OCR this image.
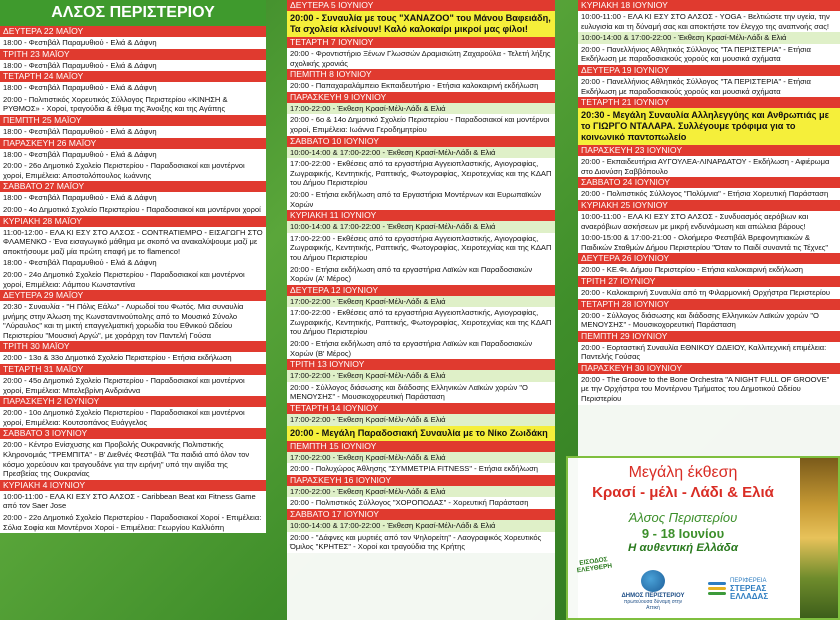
ΑΛΣΟΣ ΠΕΡΙΣΤΕΡΙΟΥ
ΔΕΥΤΕΡΑ 22 ΜΑΪΟΥ
18:00 - Φεστιβάλ Παραμυθιού - Ελιά & Δάφνη
ΤΡΙΤΗ 23 ΜΑΪΟΥ
18:00 - Φεστιβάλ Παραμυθιού - Ελιά & Δάφνη
ΤΕΤΑΡΤΗ 24 ΜΑΪΟΥ
18:00 - Φεστιβάλ Παραμυθιού - Ελιά & Δάφνη
20:00 - Πολιτιστικός Χορευτικός Σύλλογος Περιστερίου «ΚΙΝΗΣΗ & ΡΥΘΜΟΣ» - Χοροί, τραγούδια & έθιμα της Άνοιξης και της Αγάπης
ΠΕΜΠΤΗ 25 ΜΑΪΟΥ
18:00 - Φεστιβάλ Παραμυθιού - Ελιά & Δάφνη
ΠΑΡΑΣΚΕΥΗ 26 ΜΑΪΟΥ
18:00 - Φεστιβάλ Παραμυθιού - Ελιά & Δάφνη
20:00 - 26ο Δημοτικό Σχολείο Περιστερίου - Παραδοσιακοί και μοντέρνοι χοροί, Επιμέλεια: Αποστολόπουλος Ιωάννης
ΣΑΒΒΑΤΟ 27 ΜΑΪΟΥ
18:00 - Φεστιβάλ Παραμυθιού - Ελιά & Δάφνη
20:00 - 4ο Δημοτικό Σχολείο Περιστερίου - Παραδοσιακοί και μοντέρνοι χοροί
ΚΥΡΙΑΚΗ 28 ΜΑΪΟΥ
11:00-12:00 - ΕΛΑ ΚΙ ΕΣΥ ΣΤΟ ΑΛΣΟΣ - CONTRATIEMPO - ΕΙΣΑΓΩΓΗ ΣΤΟ ΦΛΑΜΕΝΚΟ - Ένα εισαγωγικό μάθημα με σκοπό να ανακαλύψουμε μαζί με αποκτήσουμε μαζί μία πρώτη επαφή με το flamenco!
18:00 - Φεστιβάλ Παραμυθιού - Ελιά & Δάφνη
20:00 - 24ο Δημοτικό Σχολείο Περιστερίου - Παραδοσιακοί και μοντέρνοι χοροί, Επιμέλεια: Λάμπου Κωνσταντίνα
ΔΕΥΤΕΡΑ 29 ΜΑΪΟΥ
20:30 - Συναυλία - "Η Πόλις Εάλω" - Λυρωδοί του Φωτός. Μια συναυλία μνήμης στην Άλωση της Κωνσταντινούπολης από το Μουσικό Σύνολο "Λύραυλος" και τη μικτή επαγγελματική χορωδία του Εθνικού Ωδείου Περιστερίου "Μουσική Αργώ", με χοράρχη τον Παντελή Γούσα
ΤΡΙΤΗ 30 ΜΑΪΟΥ
20:00 - 13ο & 33ο Δημοτικό Σχολείο Περιστερίου - Ετήσια εκδήλωση
ΤΕΤΑΡΤΗ 31 ΜΑΪΟΥ
20:00 - 45ο Δημοτικό Σχολείο Περιστερίου - Παραδοσιακοί και μοντέρνοι χοροί, Επιμέλεια: Μπελεβρίνη Ανδριάννα
ΠΑΡΑΣΚΕΥΗ 2 ΙΟΥΝΙΟΥ
20:00 - 10ο Δημοτικό Σχολείο Περιστερίου - Παραδοσιακοί και μοντέρνοι χοροί, Επιμέλεια: Κουτσοπάνος Ευάγγελος
ΣΑΒΒΑΤΟ 3 ΙΟΥΝΙΟΥ
20:00 - Κέντρο Ενίσχυσης και Προβολής Ουκρανικής Πολιτιστικής Κληρονομιάς "ΤΡΕΜΠΙΤΑ" - Β' Διεθνές Φεστιβάλ "Τα παιδιά από όλον τον κόσμο χορεύουν και τραγουδάνε για την ειρήνη" υπό την αιγίδα της Πρεσβείας της Ουκρανίας
ΚΥΡΙΑΚΗ 4 ΙΟΥΝΙΟΥ
10:00-11:00 - ΕΛΑ ΚΙ ΕΣΥ ΣΤΟ ΑΛΣΟΣ - Caribbean Beat και Fitness Game από τον Saer Jose
20:00 - 22ο Δημοτικό Σχολείο Περιστερίου - Παραδοσιακοί Χοροί - Επιμέλεια: Σόλια Σοφία και Μοντέρνοι Χοροί - Επιμέλεια: Γεωργίου Καλλιόπη
ΔΕΥΤΕΡΑ 5 ΙΟΥΝΙΟΥ
20:00 - Συναυλία με τους "ΧΑΝΑΖΟΟ" του Μάνου Βαφειάδη, Τα σχολεία κλείνουν! Καλό καλοκαίρι μικροί μας φίλοι!
ΤΕΤΑΡΤΗ 7 ΙΟΥΝΙΟΥ
20:00 - Φροντιστήριο Ξένων Γλωσσών Δραμισιώτη Ζαχαρούλα - Τελετή λήξης σχολικής χρονιάς
ΠΕΜΠΤΗ 8 ΙΟΥΝΙΟΥ
20:00 - Παπαχαραλάμπειο Εκπαιδευτήριο - Ετήσια καλοκαιρινή εκδήλωση
ΠΑΡΑΣΚΕΥΗ 9 ΙΟΥΝΙΟΥ
17:00-22:00 - Έκθεση Κρασί-Μέλι-Λάδι & Ελιά
20:00 - 6ο & 14ο Δημοτικό Σχολείο Περιστερίου - Παραδοσιακοί και μοντέρνοι χοροί, Επιμέλεια: Ιωάννα Γεροδημητρίου
ΣΑΒΒΑΤΟ 10 ΙΟΥΝΙΟΥ
10:00-14:00 & 17:00-22:00 - Έκθεση Κρασί-Μέλι-Λάδι & Ελιά
17:00-22:00 - Εκθέσεις από τα εργαστήρια Αγγειοπλαστικής, Αγιογραφίας, Ζωγραφικής, Κεντητικής, Ραπτικής, Φωτογραφίας, Χειροτεχνίας και της ΚΔΑΠ του Δήμου Περιστερίου
20:00 - Ετήσια εκδήλωση από τα Εργαστήρια Μοντέρνων και Ευρωπαϊκών Χορών
ΚΥΡΙΑΚΗ 11 ΙΟΥΝΙΟΥ
10:00-14:00 & 17:00-22:00 - Έκθεση Κρασί-Μέλι-Λάδι & Ελιά
17:00-22:00 - Εκθέσεις από τα εργαστήρια Αγγειοπλαστικής, Αγιογραφίας, Ζωγραφικής, Κεντητικής, Ραπτικής, Φωτογραφίας, Χειροτεχνίας και της ΚΔΑΠ του Δήμου Περιστερίου
20:00 - Ετήσια εκδήλωση από τα εργαστήρια Λαϊκών και Παραδοσιακών Χορών (Α' Μέρος)
ΔΕΥΤΕΡΑ 12 ΙΟΥΝΙΟΥ
17:00-22:00 - Έκθεση Κρασί-Μέλι-Λάδι & Ελιά
17:00-22:00 - Εκθέσεις από τα εργαστήρια Αγγειοπλαστικής, Αγιογραφίας, Ζωγραφικής, Κεντητικής, Ραπτικής, Φωτογραφίας, Χειροτεχνίας και της ΚΔΑΠ του Δήμου Περιστερίου
20:00 - Ετήσια εκδήλωση από τα εργαστήρια Λαϊκών και Παραδοσιακών Χορών (Β' Μέρος)
ΤΡΙΤΗ 13 ΙΟΥΝΙΟΥ
17:00-22:00 - Έκθεση Κρασί-Μέλι-Λάδι & Ελιά
20:00 - Σύλλογος διάσωσης και διάδοσης Ελληνικών Λαϊκών χορών "Ο ΜΕΝΟΥΣΗΣ" - Μουσικοχορευτική Παράσταση
ΤΕΤΑΡΤΗ 14 ΙΟΥΝΙΟΥ
17:00-22:00 - Έκθεση Κρασί-Μέλι-Λάδι & Ελιά
20:00 - Μεγάλη Παραδοσιακή Συναυλία με το Νίκο Ζωιδάκη
ΠΕΜΠΤΗ 15 ΙΟΥΝΙΟΥ
17:00-22:00 - Έκθεση Κρασί-Μέλι-Λάδι & Ελιά
20:00 - Πολυχώρος Άθλησης "ΣΥΜΜΕΤΡΙΑ FITNESS" - Ετήσια εκδήλωση
ΠΑΡΑΣΚΕΥΗ 16 ΙΟΥΝΙΟΥ
17:00-22:00 - Έκθεση Κρασί-Μέλι-Λάδι & Ελιά
20:00 - Πολιτιστικός Σύλλογος "ΧΟΡΟΠΟΔΑΣ" - Χορευτική Παράσταση
ΣΑΒΒΑΤΟ 17 ΙΟΥΝΙΟΥ
10:00-14:00 & 17:00-22:00 - Έκθεση Κρασί-Μέλι-Λάδι & Ελιά
20:00 - "Δάφνες και μυρτιές από τον Ψηλορείτη" - Λαογραφικός Χορευτικός Όμιλος "ΚΡΗΤΕΣ" - Χοροί και τραγούδια της Κρήτης
ΚΥΡΙΑΚΗ 18 ΙΟΥΝΙΟΥ
10:00-11:00 - ΕΛΑ ΚΙ ΕΣΥ ΣΤΟ ΑΛΣΟΣ - YOGA - Βελτιώστε την υγεία, την ευλυγισία και τη δύναμή σας και αποκτήστε τον έλεγχο της αναπνοής σας!
10:00-14:00 & 17:00-22:00 - Έκθεση Κρασί-Μέλι-Λάδι & Ελιά
20:00 - Πανελλήνιος Αθλητικός Σύλλογος "ΤΑ ΠΕΡΙΣΤΕΡΙΑ" - Ετήσια Εκδήλωση με παραδοσιακούς χορούς και μουσικά σχήματα
ΔΕΥΤΕΡΑ 19 ΙΟΥΝΙΟΥ
20:00 - Πανελλήνιος Αθλητικός Σύλλογος "ΤΑ ΠΕΡΙΣΤΕΡΙΑ" - Ετήσια Εκδήλωση με παραδοσιακούς χορούς και μουσικά σχήματα
ΤΕΤΑΡΤΗ 21 ΙΟΥΝΙΟΥ
20:30 - Μεγάλη Συναυλία Αλληλεγγύης και Ανθρωπιάς με το ΓΙΩΡΓΟ ΝΤΑΛΑΡΑ. Συλλέγουμε τρόφιμα για το κοινωνικό παντοπωλείο
ΠΑΡΑΣΚΕΥΗ 23 ΙΟΥΝΙΟΥ
20:00 - Εκπαιδευτήρια ΑΥΓΟΥΛΕΑ-ΛΙΝΑΡΔΑΤΟΥ - Εκδήλωση - Αφιέρωμα στο Διονύση Σαββόπουλο
ΣΑΒΒΑΤΟ 24 ΙΟΥΝΙΟΥ
20:00 - Πολιτιστικός Σύλλογος "Πολύμνια" - Ετήσια Χορευτική Παράσταση
ΚΥΡΙΑΚΗ 25 ΙΟΥΝΙΟΥ
10:00-11:00 - ΕΛΑ ΚΙ ΕΣΥ ΣΤΟ ΑΛΣΟΣ - Συνδυασμός αερόβιων και αναερόβιων ασκήσεων με μικρή ενδυνάμωση και απώλεια βάρους!
10:00-15:00 & 17:00-21:00 - Ολοήμερο Φεστιβάλ Βρεφονηπιακών & Παιδικών Σταθμών Δήμου Περιστερίου "Όταν το Παιδί συναντά τις Τέχνες"
ΔΕΥΤΕΡΑ 26 ΙΟΥΝΙΟΥ
20:00 - ΚΕ.Φι. Δήμου Περιστερίου - Ετήσια καλοκαιρινή εκδήλωση
ΤΡΙΤΗ 27 ΙΟΥΝΙΟΥ
20:00 - Καλοκαιρινή Συναυλία από τη Φιλαρμονική Ορχήστρα Περιστερίου
ΤΕΤΑΡΤΗ 28 ΙΟΥΝΙΟΥ
20:00 - Σύλλογος διάσωσης και διάδοσης Ελληνικών Λαϊκών χορών "Ο ΜΕΝΟΥΣΗΣ" - Μουσικοχορευτική Παράσταση
ΠΕΜΠΤΗ 29 ΙΟΥΝΙΟΥ
20:00 - Εορταστική Συναυλία ΕΘΝΙΚΟΥ ΩΔΕΙΟΥ, Καλλιτεχνική επιμέλεια: Παντελής Γούσας
ΠΑΡΑΣΚΕΥΗ 30 ΙΟΥΝΙΟΥ
20:00 - The Groove to the Bone Orchestra "A NIGHT FULL OF GROOVE" με την Ορχήστρα του Μοντέρνου Τμήματος του Δημοτικού Ωδείου Περιστερίου
Μεγάλη έκθεση
Κρασί - μέλι - Λάδι & Ελιά
Άλσος Περιστερίου
9 - 18 Ιουνίου
Η αυθεντική Ελλάδα
ΕΙΣΟΔΟΣ ΕΛΕΥΘΕΡΗ
ΔΗΜΟΣ ΠΕΡΙΣΤΕΡΙΟΥ
πρωτεύουσα δύναμη στην Αττική
ΠΕΡΙΦΕΡΕΙΑ
ΣΤΕΡΕΑΣ ΕΛΛΑΔΑΣ
